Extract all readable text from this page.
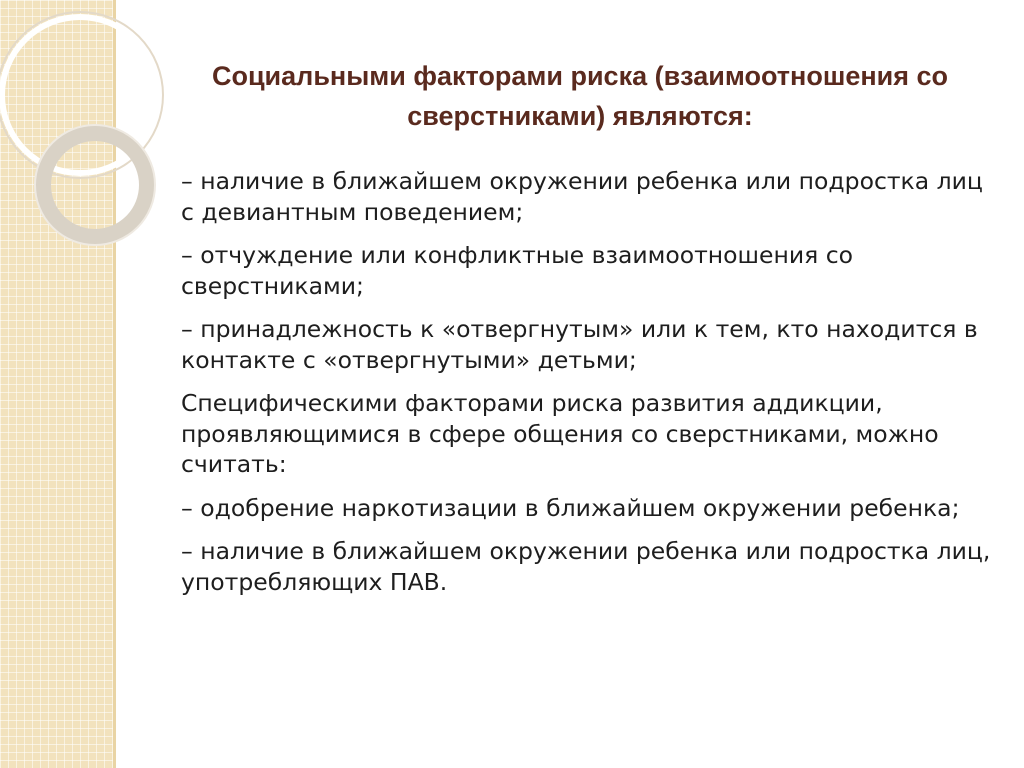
Социальными факторами риска (взаимоотношения со сверстниками) являются:

– наличие в ближайшем окружении ребенка или подростка лиц с девиантным поведением;

– отчуждение или конфликтные взаимоотношения со сверстниками;

– принадлежность к «отвергнутым» или к тем, кто находится в контакте с «отвергнутыми» детьми;

Специфическими факторами риска развития аддикции, проявляющимися в сфере общения со сверстниками, можно считать:

– одобрение наркотизации в ближайшем окружении ребенка;

– наличие в ближайшем окружении ребенка или подростка лиц, употребляющих ПАВ.
